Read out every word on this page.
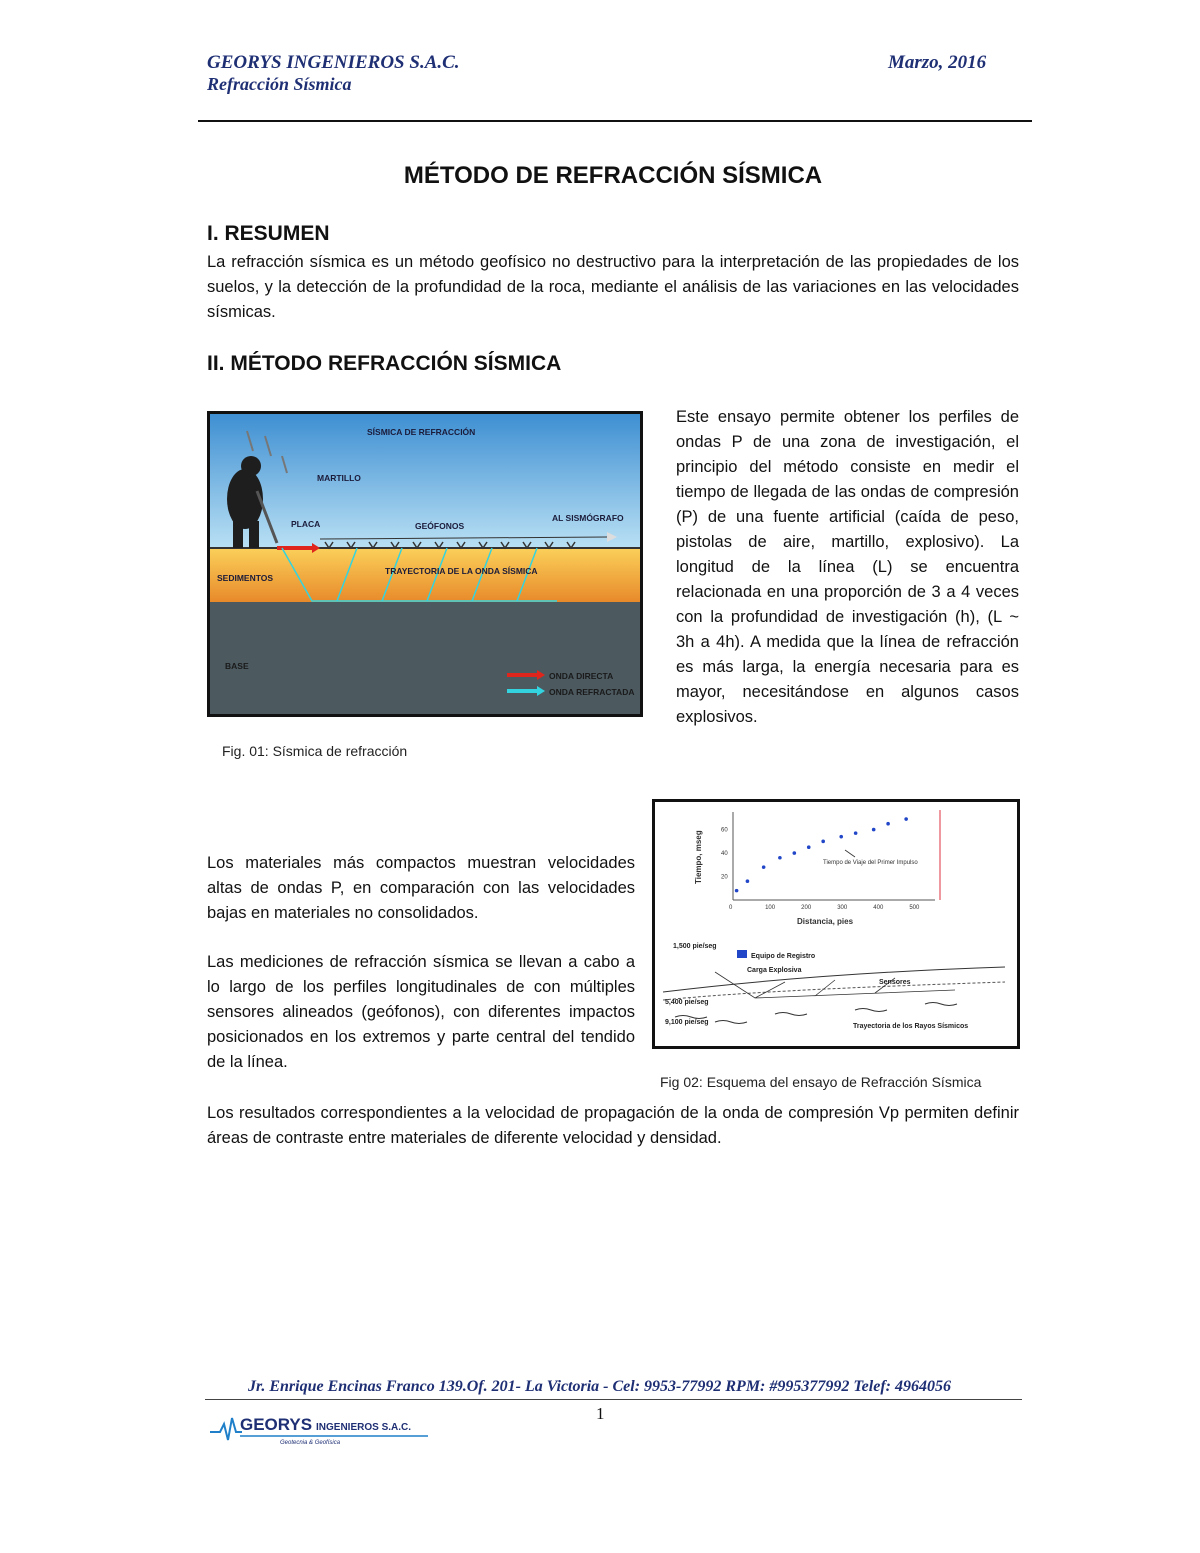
GEORYS INGENIEROS S.A.C.
Refracción Sísmica
Marzo, 2016
MÉTODO DE REFRACCIÓN SÍSMICA
I. RESUMEN
La refracción sísmica es un método geofísico no destructivo para la interpretación de las propiedades de los suelos, y la detección de la profundidad de la roca, mediante el análisis de las variaciones en las velocidades sísmicas.
II. MÉTODO REFRACCIÓN SÍSMICA
SÍSMICA DE REFRACCIÓN
MARTILLO
PLACA	GEÓFONOS
AL SISMÓGRAFO
SEDIMENTOS
TRAYECTORIA DE LA ONDA SÍSMICA
BASE
ONDA DIRECTA
ONDA REFRACTADA
Fig. 01: Sísmica de refracción
Este ensayo permite obtener los perfiles de ondas P de una zona de investigación, el principio del método consiste en medir el tiempo de llegada de las ondas de compresión (P) de una fuente artificial (caída de peso, pistolas de aire, martillo, explosivo). La longitud de la línea (L) se encuentra relacionada en una proporción de 3 a 4 veces con la profundidad de investigación (h), (L ~ 3h a 4h). A medida que la línea de refracción es más larga, la energía necesaria para es mayor, necesitándose en algunos casos explosivos.
20
40
60
0	100	200	300	400	500
Tiempo, mseg
Distancia, pies
Tiempo de Viaje del Primer Impulso
1,500 pie/seg
Equipo de Registro
Carga Explosiva
Sensores
5,400 pie/seg
9,100 pie/seg
Trayectoria de los Rayos Sísmicos
Fig 02: Esquema del ensayo de Refracción Sísmica
Los materiales más compactos muestran velocidades altas de ondas P, en comparación con las velocidades bajas en materiales no consolidados.
Las mediciones de refracción sísmica se llevan a cabo a lo largo de los perfiles longitudinales de con múltiples sensores alineados (geófonos), con diferentes impactos posicionados en los extremos y parte central del tendido de la línea.
Los resultados correspondientes a la velocidad de propagación de la onda de compresión Vp permiten definir áreas de contraste entre materiales de diferente velocidad y densidad.
Jr. Enrique Encinas Franco 139.Of. 201- La Victoria - Cel: 9953-77992 RPM: #995377992 Telef: 4964056
1
GEORYS INGENIEROS S.A.C.
Geotecnia & Geofísica
